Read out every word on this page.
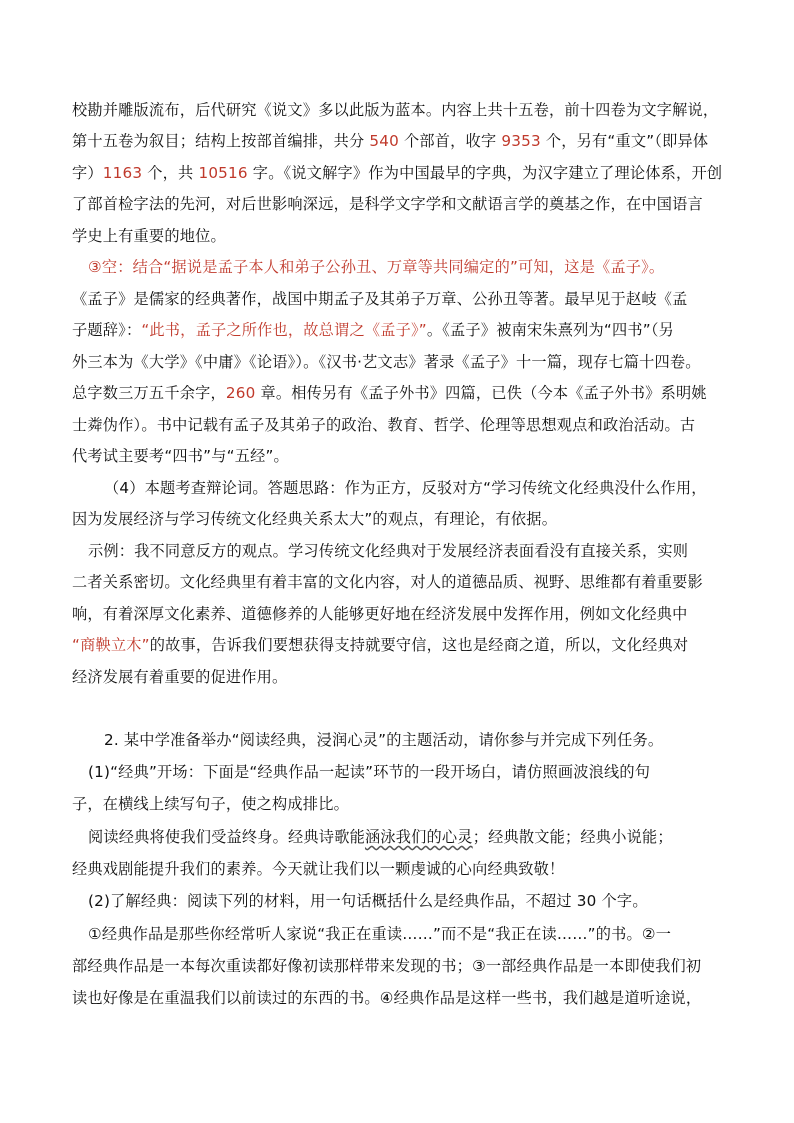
校勘并雕版流布，后代研究《说文》多以此版为蓝本。内容上共十五卷，前十四卷为文字解说，
第十五卷为叙目；结构上按部首编排，共分 540 个部首，收字 9353 个，另有“重文”（即异体
字）1163 个，共 10516 字。《说文解字》作为中国最早的字典，为汉字建立了理论体系，开创
了部首检字法的先河，对后世影响深远，是科学文字学和文献语言学的奠基之作，在中国语言
学史上有重要的地位。
③空：结合“据说是孟子本人和弟子公孙丑、万章等共同编定的”可知，这是《孟子》。
《孟子》是儒家的经典著作，战国中期孟子及其弟子万章、公孙丑等著。最早见于赵岐《孟
子题辞》：“此书，孟子之所作也，故总谓之《孟子》”。《孟子》被南宋朱熹列为“四书”（另
外三本为《大学》《中庸》《论语》）。《汉书·艺文志》著录《孟子》十一篇，现存七篇十四卷。
总字数三万五千余字，260 章。相传另有《孟子外书》四篇，已佚（今本《孟子外书》系明姚
士粦伪作）。书中记载有孟子及其弟子的政治、教育、哲学、伦理等思想观点和政治活动。古
代考试主要考“四书”与“五经”。
（4）本题考查辩论词。答题思路：作为正方，反驳对方“学习传统文化经典没什么作用，
因为发展经济与学习传统文化经典关系太大”的观点，有理论，有依据。
示例：我不同意反方的观点。学习传统文化经典对于发展经济表面看没有直接关系，实则
二者关系密切。文化经典里有着丰富的文化内容，对人的道德品质、视野、思维都有着重要影
响，有着深厚文化素养、道德修养的人能够更好地在经济发展中发挥作用，例如文化经典中
“商鞅立木”的故事，告诉我们要想获得支持就要守信，这也是经商之道，所以，文化经典对
经济发展有着重要的促进作用。
2. 某中学准备举办“阅读经典，浸润心灵”的主题活动，请你参与并完成下列任务。
(1)“经典”开场：下面是“经典作品一起读”环节的一段开场白，请仿照画波浪线的句
子，在横线上续写句子，使之构成排比。
阅读经典将使我们受益终身。经典诗歌能涵泳我们的心灵；经典散文能；经典小说能；
经典戏剧能提升我们的素养。今天就让我们以一颗虔诚的心向经典致敬！
(2)了解经典：阅读下列的材料，用一句话概括什么是经典作品，不超过 30 个字。
①经典作品是那些你经常听人家说“我正在重读……”而不是“我正在读……”的书。②一
部经典作品是一本每次重读都好像初读那样带来发现的书；③一部经典作品是一本即使我们初
读也好像是在重温我们以前读过的东西的书。④经典作品是这样一些书，我们越是道听途说，
